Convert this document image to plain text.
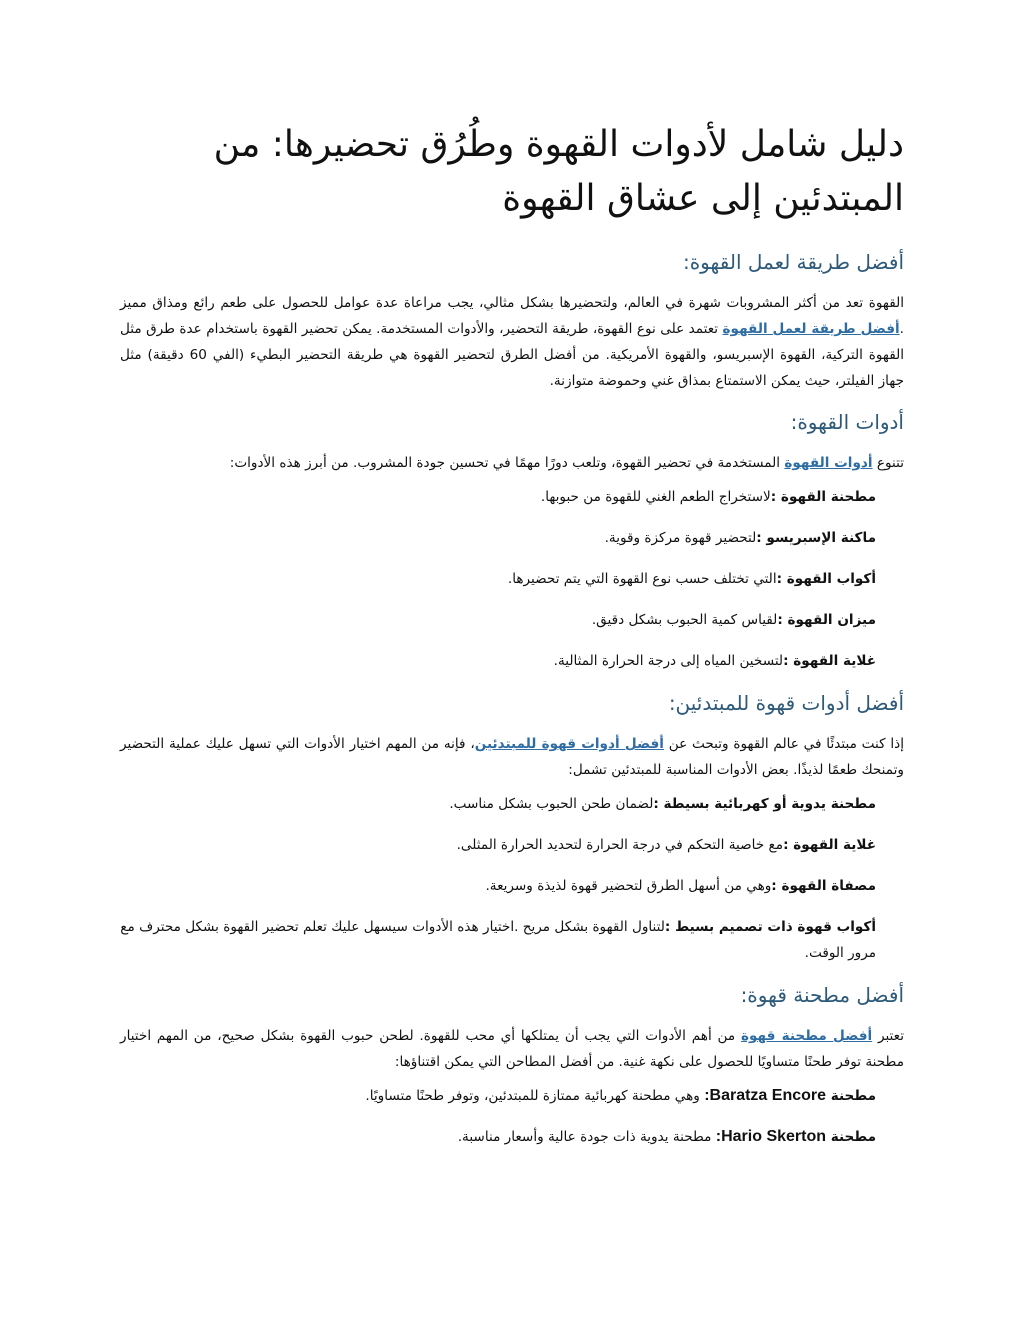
دليل شامل لأدوات القهوة وطُرُق تحضيرها: من المبتدئين إلى عشاق القهوة
أفضل طريقة لعمل القهوة:

القهوة تعد من أكثر المشروبات شهرة في العالم، ولتحضيرها بشكل مثالي، يجب مراعاة عدة عوامل للحصول على طعم رائع ومذاق مميز .أفضل طريقة لعمل القهوة تعتمد على نوع القهوة، طريقة التحضير، والأدوات المستخدمة. يمكن تحضير القهوة باستخدام عدة طرق مثل القهوة التركية، القهوة الإسبريسو، والقهوة الأمريكية. من أفضل الطرق لتحضير القهوة هي طريقة التحضير البطيء (الفي 60 دقيقة) مثل جهاز الفيلتر، حيث يمكن الاستمتاع بمذاق غني وحموضة متوازنة.

أدوات القهوة:

تتنوع أدوات القهوة المستخدمة في تحضير القهوة، وتلعب دورًا مهمًا في تحسين جودة المشروب. من أبرز هذه الأدوات:

مطحنة القهوة :لاستخراج الطعم الغني للقهوة من حبوبها.
ماكنة الإسبريسو :لتحضير قهوة مركزة وقوية.
أكواب القهوة :التي تختلف حسب نوع القهوة التي يتم تحضيرها.
ميزان القهوة :لقياس كمية الحبوب بشكل دقيق.
غلاية القهوة :لتسخين المياه إلى درجة الحرارة المثالية.
أفضل أدوات قهوة للمبتدئين:

إذا كنت مبتدئًا في عالم القهوة وتبحث عن أفضل أدوات قهوة للمبتدئين، فإنه من المهم اختيار الأدوات التي تسهل عليك عملية التحضير وتمنحك طعمًا لذيذًا. بعض الأدوات المناسبة للمبتدئين تشمل:

مطحنة يدوية أو كهربائية بسيطة :لضمان طحن الحبوب بشكل مناسب.
غلاية القهوة :مع خاصية التحكم في درجة الحرارة لتحديد الحرارة المثلى.
مصفاة القهوة :وهي من أسهل الطرق لتحضير قهوة لذيذة وسريعة.
أكواب قهوة ذات تصميم بسيط :لتناول القهوة بشكل مريح .اختيار هذه الأدوات سيسهل عليك تعلم تحضير القهوة بشكل محترف مع مرور الوقت.
أفضل مطحنة قهوة:

تعتبر أفضل مطحنة قهوة من أهم الأدوات التي يجب أن يمتلكها أي محب للقهوة. لطحن حبوب القهوة بشكل صحيح، من المهم اختيار مطحنة توفر طحنًا متساويًا للحصول على نكهة غنية. من أفضل المطاحن التي يمكن اقتناؤها:

مطحنة Baratza Encore: وهي مطحنة كهربائية ممتازة للمبتدئين، وتوفر طحنًا متساويًا.
مطحنة Hario Skerton: مطحنة يدوية ذات جودة عالية وأسعار مناسبة.
